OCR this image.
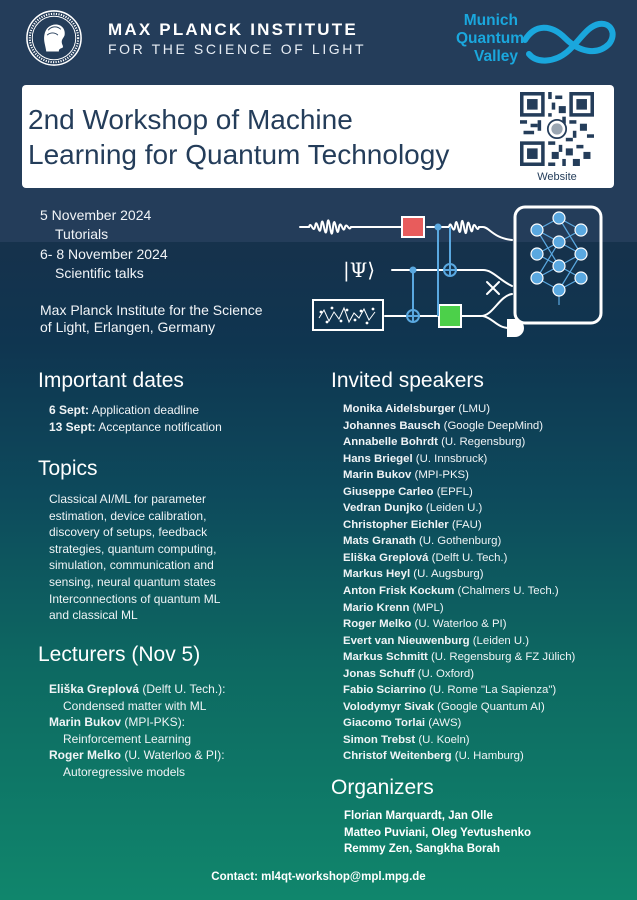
MAX PLANCK INSTITUTE
FOR THE SCIENCE OF LIGHT
Munich
Quantum
Valley
2nd Workshop of Machine
Learning for Quantum Technology
Website
5 November 2024
Tutorials
6- 8 November 2024
Scientific talks
Max Planck Institute for the Science
of Light, Erlangen, Germany
|Ψ⟩
Important dates
6 Sept: Application deadline
13 Sept: Acceptance notification
Topics
Classical AI/ML for parameter
estimation, device calibration,
discovery of setups, feedback
strategies, quantum computing,
simulation, communication and
sensing, neural quantum states
Interconnections of quantum ML
and classical ML
Lecturers (Nov 5)
Eliška Greplová (Delft U. Tech.):
Condensed matter with ML
Marin Bukov (MPI-PKS):
Reinforcement Learning
Roger Melko (U. Waterloo & PI):
Autoregressive models
Invited speakers
Monika Aidelsburger (LMU)
Johannes Bausch (Google DeepMind)
Annabelle Bohrdt (U. Regensburg)
Hans Briegel (U. Innsbruck)
Marin Bukov (MPI-PKS)
Giuseppe Carleo (EPFL)
Vedran Dunjko (Leiden U.)
Christopher Eichler (FAU)
Mats Granath (U. Gothenburg)
Eliška Greplová (Delft U. Tech.)
Markus Heyl (U. Augsburg)
Anton Frisk Kockum (Chalmers U. Tech.)
Mario Krenn (MPL)
Roger Melko (U. Waterloo & PI)
Evert van Nieuwenburg (Leiden U.)
Markus Schmitt (U. Regensburg & FZ Jülich)
Jonas Schuff (U. Oxford)
Fabio Sciarrino (U. Rome "La Sapienza")
Volodymyr Sivak (Google Quantum AI)
Giacomo Torlai (AWS)
Simon Trebst (U. Koeln)
Christof Weitenberg (U. Hamburg)
Organizers
Florian Marquardt, Jan Olle
Matteo Puviani, Oleg Yevtushenko
Remmy Zen, Sangkha Borah
Contact: ml4qt-workshop@mpl.mpg.de
